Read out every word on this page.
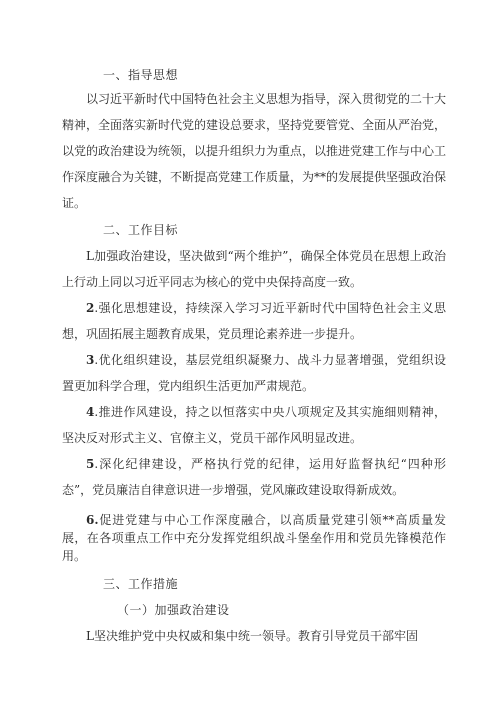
一、指导思想

以习近平新时代中国特色社会主义思想为指导，深入贯彻党的二十大精神，全面落实新时代党的建设总要求，坚持党要管党、全面从严治党，以党的政治建设为统领，以提升组织力为重点，以推进党建工作与中心工作深度融合为关键，不断提高党建工作质量，为**的发展提供坚强政治保证。

二、工作目标

L加强政治建设，坚决做到“两个维护”，确保全体党员在思想上政治上行动上同以习近平同志为核心的党中央保持高度一致。

2.强化思想建设，持续深入学习习近平新时代中国特色社会主义思想，巩固拓展主题教育成果，党员理论素养进一步提升。

3.优化组织建设，基层党组织凝聚力、战斗力显著增强，党组织设置更加科学合理，党内组织生活更加严肃规范。

4.推进作风建设，持之以恒落实中央八项规定及其实施细则精神，坚决反对形式主义、官僚主义，党员干部作风明显改进。

5.深化纪律建设，严格执行党的纪律，运用好监督执纪“四种形态”，党员廉洁自律意识进一步增强，党风廉政建设取得新成效。

6.促进党建与中心工作深度融合，以高质量党建引领**高质量发展，在各项重点工作中充分发挥党组织战斗堡垒作用和党员先锋模范作用。

三、工作措施
（一）加强政治建设

L坚决维护党中央权威和集中统一领导。教育引导党员干部牢固
